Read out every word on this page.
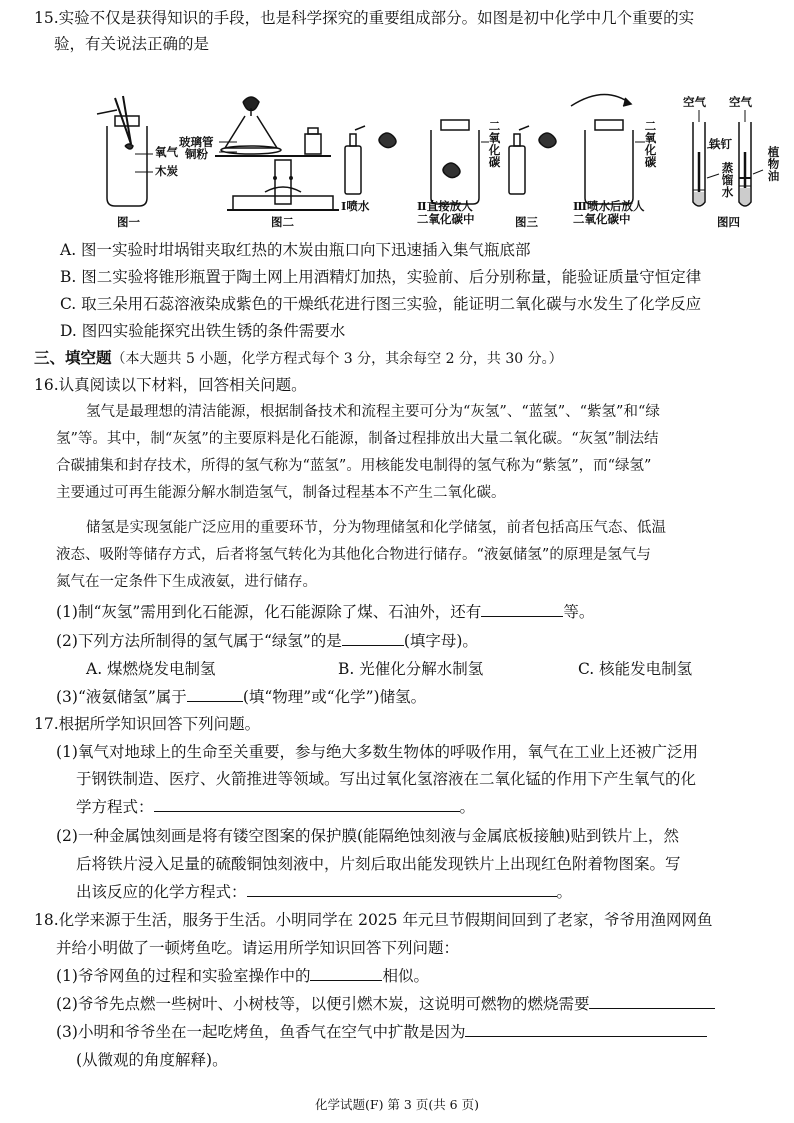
15.实验不仅是获得知识的手段，也是科学探究的重要组成部分。如图是初中化学中几个重要的实
验，有关说法正确的是
氧气
木炭
图一
玻璃管
铜粉
图二
Ⅰ喷水	Ⅱ直接放人
二氧化碳中
Ⅲ喷水后放人
二氧化碳中
二氧化碳
二氧化碳
图三
空气 空气
铁钉
蒸馏水
植物油
图四
A. 图一实验时坩埚钳夹取红热的木炭由瓶口向下迅速插入集气瓶底部
B. 图二实验将锥形瓶置于陶土网上用酒精灯加热，实验前、后分别称量，能验证质量守恒定律
C. 取三朵用石蕊溶液染成紫色的干燥纸花进行图三实验，能证明二氧化碳与水发生了化学反应
D. 图四实验能探究出铁生锈的条件需要水
三、填空题（本大题共 5 小题，化学方程式每个 3 分，其余每空 2 分，共 30 分。）
16.认真阅读以下材料，回答相关问题。
氢气是最理想的清洁能源，根据制备技术和流程主要可分为“灰氢”、“蓝氢”、“紫氢”和“绿
氢”等。其中，制“灰氢”的主要原料是化石能源，制备过程排放出大量二氧化碳。“灰氢”制法结
合碳捕集和封存技术，所得的氢气称为“蓝氢”。用核能发电制得的氢气称为“紫氢”，而“绿氢”
主要通过可再生能源分解水制造氢气，制备过程基本不产生二氧化碳。
储氢是实现氢能广泛应用的重要环节，分为物理储氢和化学储氢，前者包括高压气态、低温
液态、吸附等储存方式，后者将氢气转化为其他化合物进行储存。“液氨储氢”的原理是氢气与
氮气在一定条件下生成液氨，进行储存。
(1)制“灰氢”需用到化石能源，化石能源除了煤、石油外，还有	等。
(2)下列方法所制得的氢气属于“绿氢”的是	(填字母)。
A. 煤燃烧发电制氢	B. 光催化分解水制氢	C. 核能发电制氢
(3)“液氨储氢”属于	(填“物理”或“化学”)储氢。
17.根据所学知识回答下列问题。
(1)氧气对地球上的生命至关重要，参与绝大多数生物体的呼吸作用，氧气在工业上还被广泛用
于钢铁制造、医疗、火箭推进等领域。写出过氧化氢溶液在二氧化锰的作用下产生氧气的化
学方程式：	。
(2)一种金属蚀刻画是将有镂空图案的保护膜(能隔绝蚀刻液与金属底板接触)贴到铁片上，然
后将铁片浸入足量的硫酸铜蚀刻液中，片刻后取出能发现铁片上出现红色附着物图案。写
出该反应的化学方程式：	。
18.化学来源于生活，服务于生活。小明同学在 2025 年元旦节假期间回到了老家，爷爷用渔网网鱼
并给小明做了一顿烤鱼吃。请运用所学知识回答下列问题：
(1)爷爷网鱼的过程和实验室操作中的	相似。
(2)爷爷先点燃一些树叶、小树枝等，以便引燃木炭，这说明可燃物的燃烧需要
(3)小明和爷爷坐在一起吃烤鱼，鱼香气在空气中扩散是因为
(从微观的角度解释)。
化学试题(F) 第 3 页(共 6 页)
